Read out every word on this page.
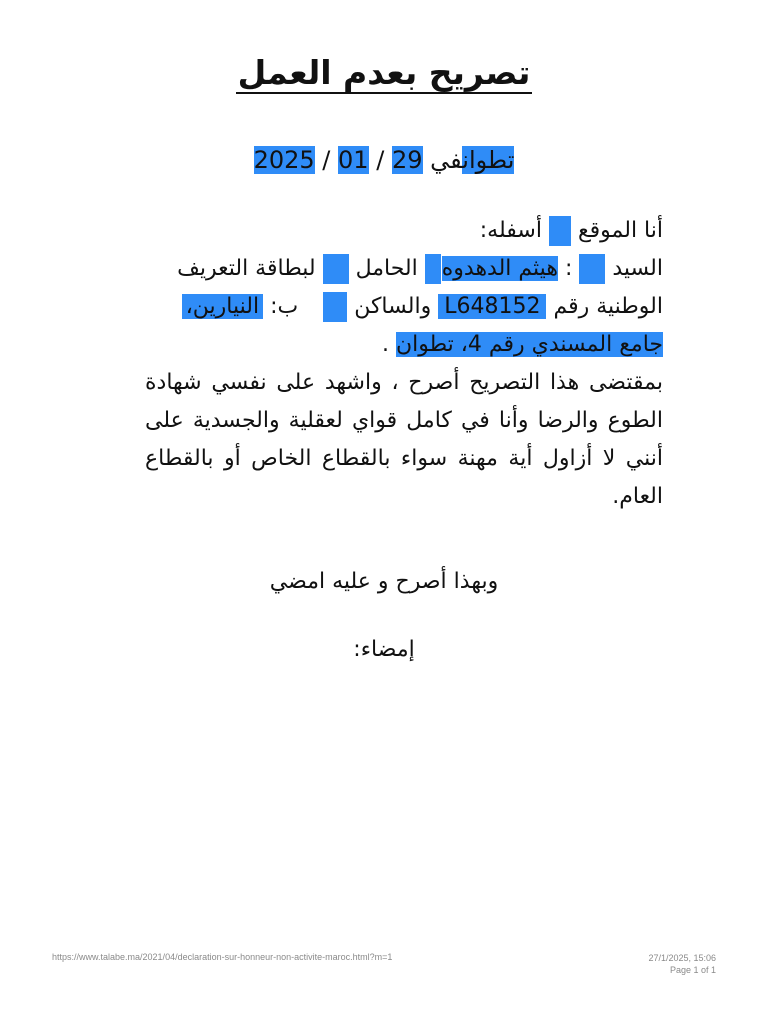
تصريح بعدم العمل
تطوانفي 29 / 01 / 2025
أنا الموقع  أسفله:
السيد  : هيثم الدهدوه  الحامل  لبطاقة التعريف
الوطنية رقم L648152 والساكن  ب: النيارين،
جامع المسندي رقم 4، تطوان .
بمقتضى هذا التصريح أصرح ، واشهد على نفسي شهادة الطوع والرضا وأنا في كامل قواي لعقلية والجسدية على أنني لا أزاول أية مهنة سواء بالقطاع الخاص أو بالقطاع العام.
وبهذا أصرح و عليه امضي
إمضاء:
https://www.talabe.ma/2021/04/declaration-sur-honneur-non-activite-maroc.html?m=1	27/1/2025, 15:06
Page 1 of 1
